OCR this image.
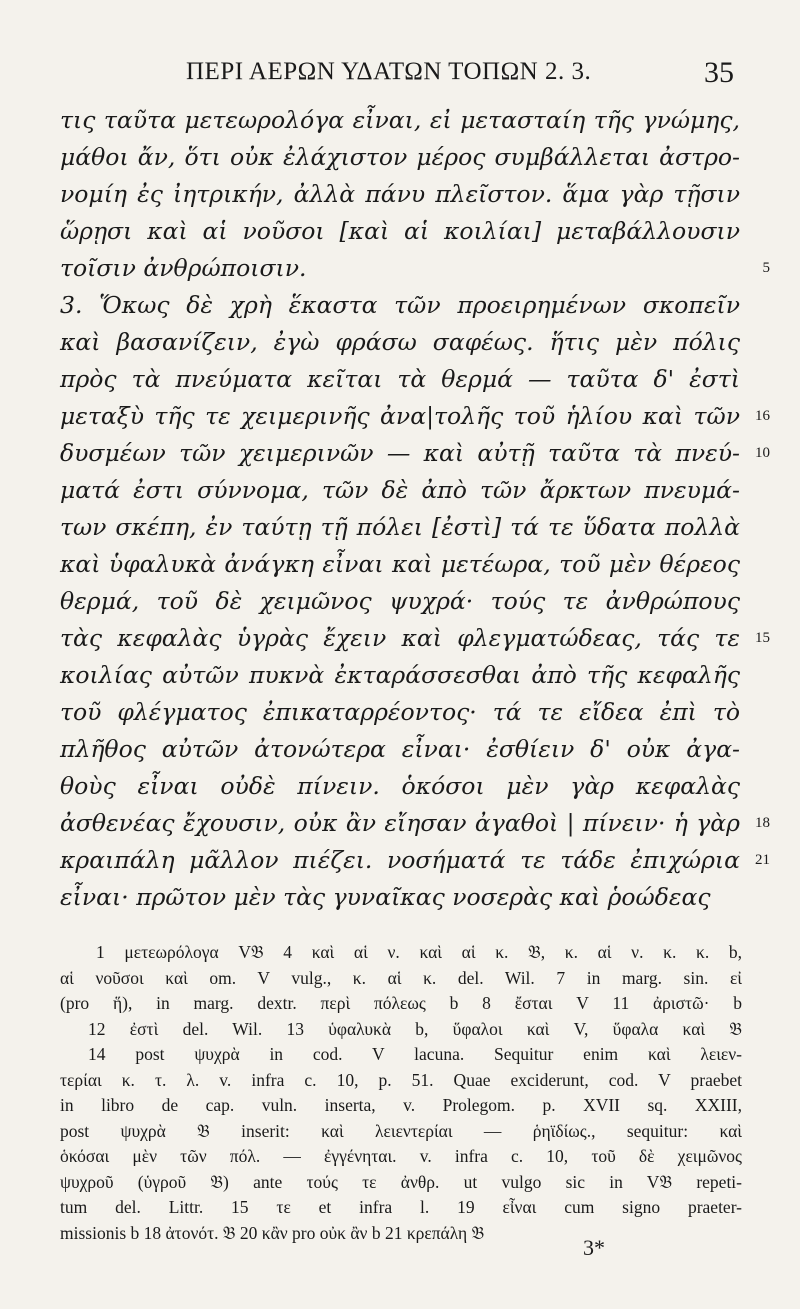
ΠΕΡΙ ΑΕΡΩΝ ΥΔΑΤΩΝ ΤΟΠΩΝ 2. 3.	35
τις ταῦτα μετεωρολόγα εἶναι, εἰ μετασταίη τῆς γνώμης,
μάθοι ἄν, ὅτι οὐκ ἐλάχιστον μέρος συμβάλλεται ἀστρο-
νομίη ἐς ἰητρικήν, ἀλλὰ πάνυ πλεῖστον. ἅμα γὰρ τῇσιν
ὥρῃσι καὶ αἱ νοῦσοι [καὶ αἱ κοιλίαι] μεταβάλλουσιν
τοῖσιν ἀνθρώποισιν.	5
3. Ὅκως δὲ χρὴ ἕκαστα τῶν προειρημένων σκοπεῖν
καὶ βασανίζειν, ἐγὼ φράσω σαφέως. ἥτις μὲν πόλις
πρὸς τὰ πνεύματα κεῖται τὰ θερμά — ταῦτα δ' ἐστὶ
μεταξὺ τῆς τε χειμερινῆς ἀνα|τολῆς τοῦ ἡλίου καὶ τῶν 16
δυσμέων τῶν χειμερινῶν — καὶ αὐτῇ ταῦτα τὰ πνεύ- 10
ματά ἐστι σύννομα, τῶν δὲ ἀπὸ τῶν ἄρκτων πνευμά-
των σκέπη, ἐν ταύτῃ τῇ πόλει [ἐστὶ] τά τε ὕδατα πολλὰ
καὶ ὑφαλυκὰ ἀνάγκη εἶναι καὶ μετέωρα, τοῦ μὲν θέρεος
θερμά, τοῦ δὲ χειμῶνος ψυχρά· τούς τε ἀνθρώπους
τὰς κεφαλὰς ὑγρὰς ἔχειν καὶ φλεγματώδεας, τάς τε 15
κοιλίας αὐτῶν πυκνὰ ἐκταράσσεσθαι ἀπὸ τῆς κεφαλῆς
τοῦ φλέγματος ἐπικαταρρέοντος· τά τε εἴδεα ἐπὶ τὸ
πλῆθος αὐτῶν ἀτονώτερα εἶναι· ἐσθίειν δ' οὐκ ἀγα-
θοὺς εἶναι οὐδὲ πίνειν. ὁκόσοι μὲν γὰρ κεφαλὰς
ἀσθενέας ἔχουσιν, οὐκ ἂν εἴησαν ἀγαθοὶ | πίνειν· ἡ γὰρ 18
κραιπάλη μᾶλλον πιέζει. νοσήματά τε τάδε ἐπιχώρια 21
εἶναι· πρῶτον μὲν τὰς γυναῖκας νοσερὰς καὶ ῥοώδεας
1 μετεωρόλογα V𝔅 4 καὶ αἱ ν. καὶ αἱ κ. 𝔅, κ. αἱ ν. κ. κ. b,
αἱ νοῦσοι καὶ om. V vulg., κ. αἱ κ. del. Wil. 7 in marg. sin. εἰ
(pro ἥ), in marg. dextr. περὶ πόλεως b 8 ἔσται V 11 ἀριστῶ· b
12 ἐστὶ del. Wil. 13 ὑφαλυκὰ b, ὕφαλοι καὶ V, ὕφαλα καὶ 𝔅
14 post ψυχρὰ in cod. V lacuna. Sequitur enim καὶ λειεν-
τερίαι κ. τ. λ. v. infra c. 10, p. 51. Quae exciderunt, cod. V praebet
in libro de cap. vuln. inserta, v. Prolegom. p. XVII sq. XXIII,
post ψυχρὰ 𝔅 inserit: καὶ λειεντερίαι — ῥηϊδίως., sequitur: καὶ
ὁκόσαι μὲν τῶν πόλ. — ἐγγένηται. v. infra c. 10, τοῦ δὲ χειμῶνος
ψυχροῦ (ὑγροῦ 𝔅) ante τούς τε ἀνθρ. ut vulgo sic in V𝔅 repeti-
tum del. Littr. 15 τε et infra l. 19 εἶναι cum signo praeter-
missionis b 18 ἀτονότ. 𝔅 20 κἂν pro οὐκ ἂν b 21 κρεπάλη 𝔅
3*
